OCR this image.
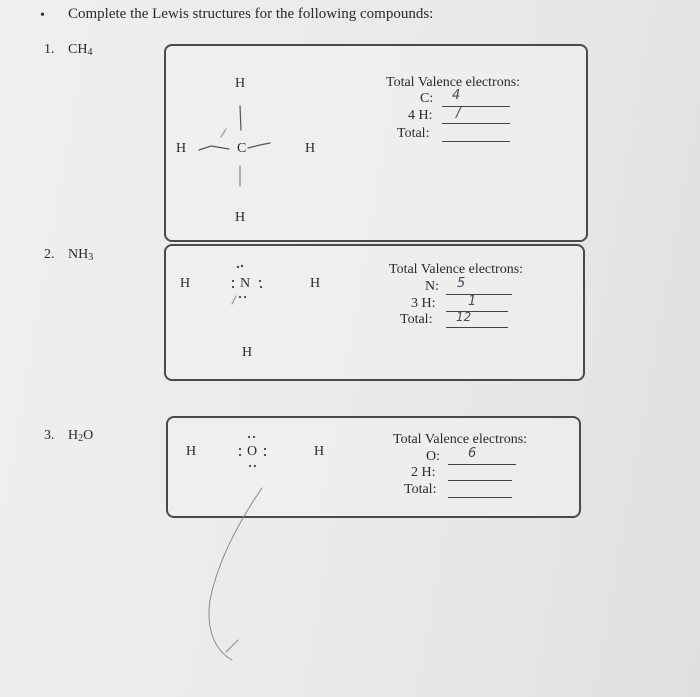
• Complete the Lewis structures for the following compounds:
1. $CH_4$
H
H	C	H
H
Total Valence electrons:
C: 4
4 H: /
Total:
2. $NH_3$
H	N	H
H
Total Valence electrons:
N: 5
3 H:	1
Total: 12
3. $H_2O$
H	O	H
Total Valence electrons:
O: 6
2 H:
Total:
